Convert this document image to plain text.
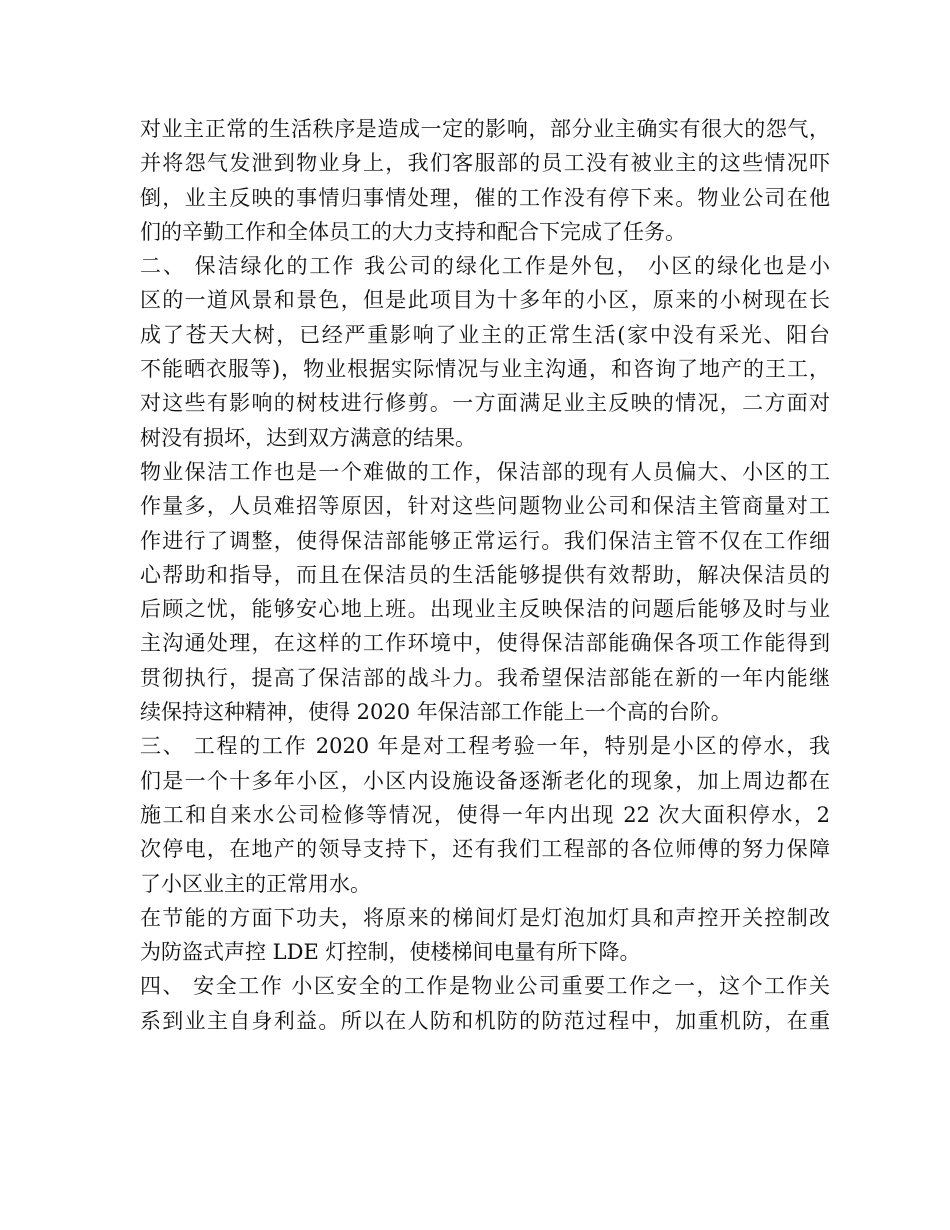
对业主正常的生活秩序是造成一定的影响，部分业主确实有很大的怨气，
并将怨气发泄到物业身上，我们客服部的员工没有被业主的这些情况吓
倒，业主反映的事情归事情处理，催的工作没有停下来。物业公司在他
们的辛勤工作和全体员工的大力支持和配合下完成了任务。
二、 保洁绿化的工作 我公司的绿化工作是外包， 小区的绿化也是小
区的一道风景和景色，但是此项目为十多年的小区，原来的小树现在长
成了苍天大树，已经严重影响了业主的正常生活(家中没有采光、阳台
不能晒衣服等)，物业根据实际情况与业主沟通，和咨询了地产的王工，
对这些有影响的树枝进行修剪。一方面满足业主反映的情况，二方面对
树没有损坏，达到双方满意的结果。
物业保洁工作也是一个难做的工作，保洁部的现有人员偏大、小区的工
作量多，人员难招等原因，针对这些问题物业公司和保洁主管商量对工
作进行了调整，使得保洁部能够正常运行。我们保洁主管不仅在工作细
心帮助和指导，而且在保洁员的生活能够提供有效帮助，解决保洁员的
后顾之忧，能够安心地上班。出现业主反映保洁的问题后能够及时与业
主沟通处理，在这样的工作环境中，使得保洁部能确保各项工作能得到
贯彻执行，提高了保洁部的战斗力。我希望保洁部能在新的一年内能继
续保持这种精神，使得 2020 年保洁部工作能上一个高的台阶。
三、 工程的工作 2020 年是对工程考验一年，特别是小区的停水，我
们是一个十多年小区，小区内设施设备逐渐老化的现象，加上周边都在
施工和自来水公司检修等情况，使得一年内出现 22 次大面积停水，2
次停电，在地产的领导支持下，还有我们工程部的各位师傅的努力保障
了小区业主的正常用水。
在节能的方面下功夫，将原来的梯间灯是灯泡加灯具和声控开关控制改
为防盗式声控 LDE 灯控制，使楼梯间电量有所下降。
四、 安全工作 小区安全的工作是物业公司重要工作之一，这个工作关
系到业主自身利益。所以在人防和机防的防范过程中，加重机防，在重
